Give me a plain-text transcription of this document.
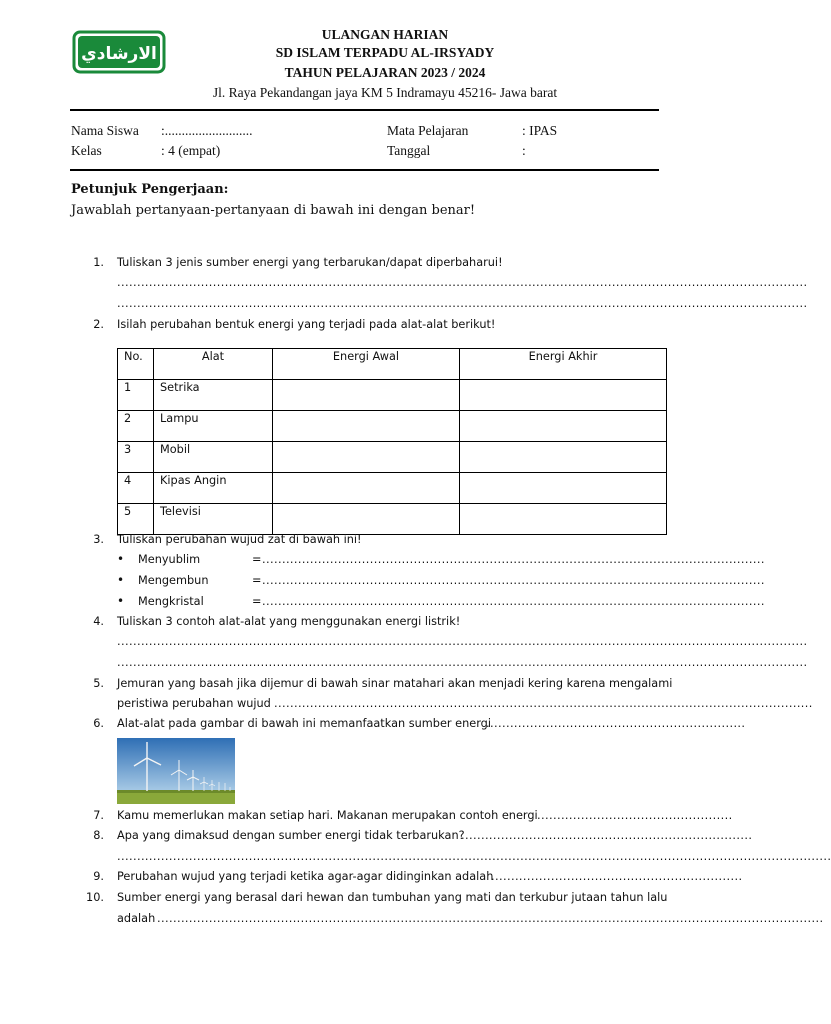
الارشادي
ULANGAN HARIAN
SD ISLAM TERPADU AL-IRSYADY
TAHUN PELAJARAN 2023 / 2024
Jl. Raya Pekandangan jaya KM 5 Indramayu 45216- Jawa barat
Nama Siswa :..........................
Kelas	: 4 (empat)
Mata Pelajaran	: IPAS
Tanggal	:
Petunjuk Pengerjaan:
Jawablah pertanyaan-pertanyaan di bawah ini dengan benar!
1. Tuliskan 3 jenis sumber energi yang terbarukan/dapat diperbaharui!
.............................................................................................................................................................................
.............................................................................................................................................................................
2. Isilah perubahan bentuk energi yang terjadi pada alat-alat berikut!
No.	Alat	Energi Awal	Energi Akhir
1	Setrika		
2	Lampu		
3	Mobil		
4	Kipas Angin		
5	Televisi		
3. Tuliskan perubahan wujud zat di bawah ini!
• Menyublim	= ..............................................................................................................................
• Mengembun	= ..............................................................................................................................
• Mengkristal	= ..............................................................................................................................
4. Tuliskan 3 contoh alat-alat yang menggunakan energi listrik!
.............................................................................................................................................................................
.............................................................................................................................................................................
5. Jemuran yang basah jika dijemur di bawah sinar matahari akan menjadi kering karena mengalami
peristiwa perubahan wujud .......................................................................................................................................
6. Alat-alat pada gambar di bawah ini memanfaatkan sumber energi
.................................................................
7. Kamu memerlukan makan setiap hari. Makanan merupakan contoh energi .................................................
8. Apa yang dimaksud dengan sumber energi tidak terbarukan?
.........................................................................
...................................................................................................................................................................................
9. Perubahan wujud yang terjadi ketika agar-agar didinginkan adalah
...............................................................
10. Sumber energi yang berasal dari hewan dan tumbuhan yang mati dan terkubur jutaan tahun lalu
adalah .......................................................................................................................................................................
